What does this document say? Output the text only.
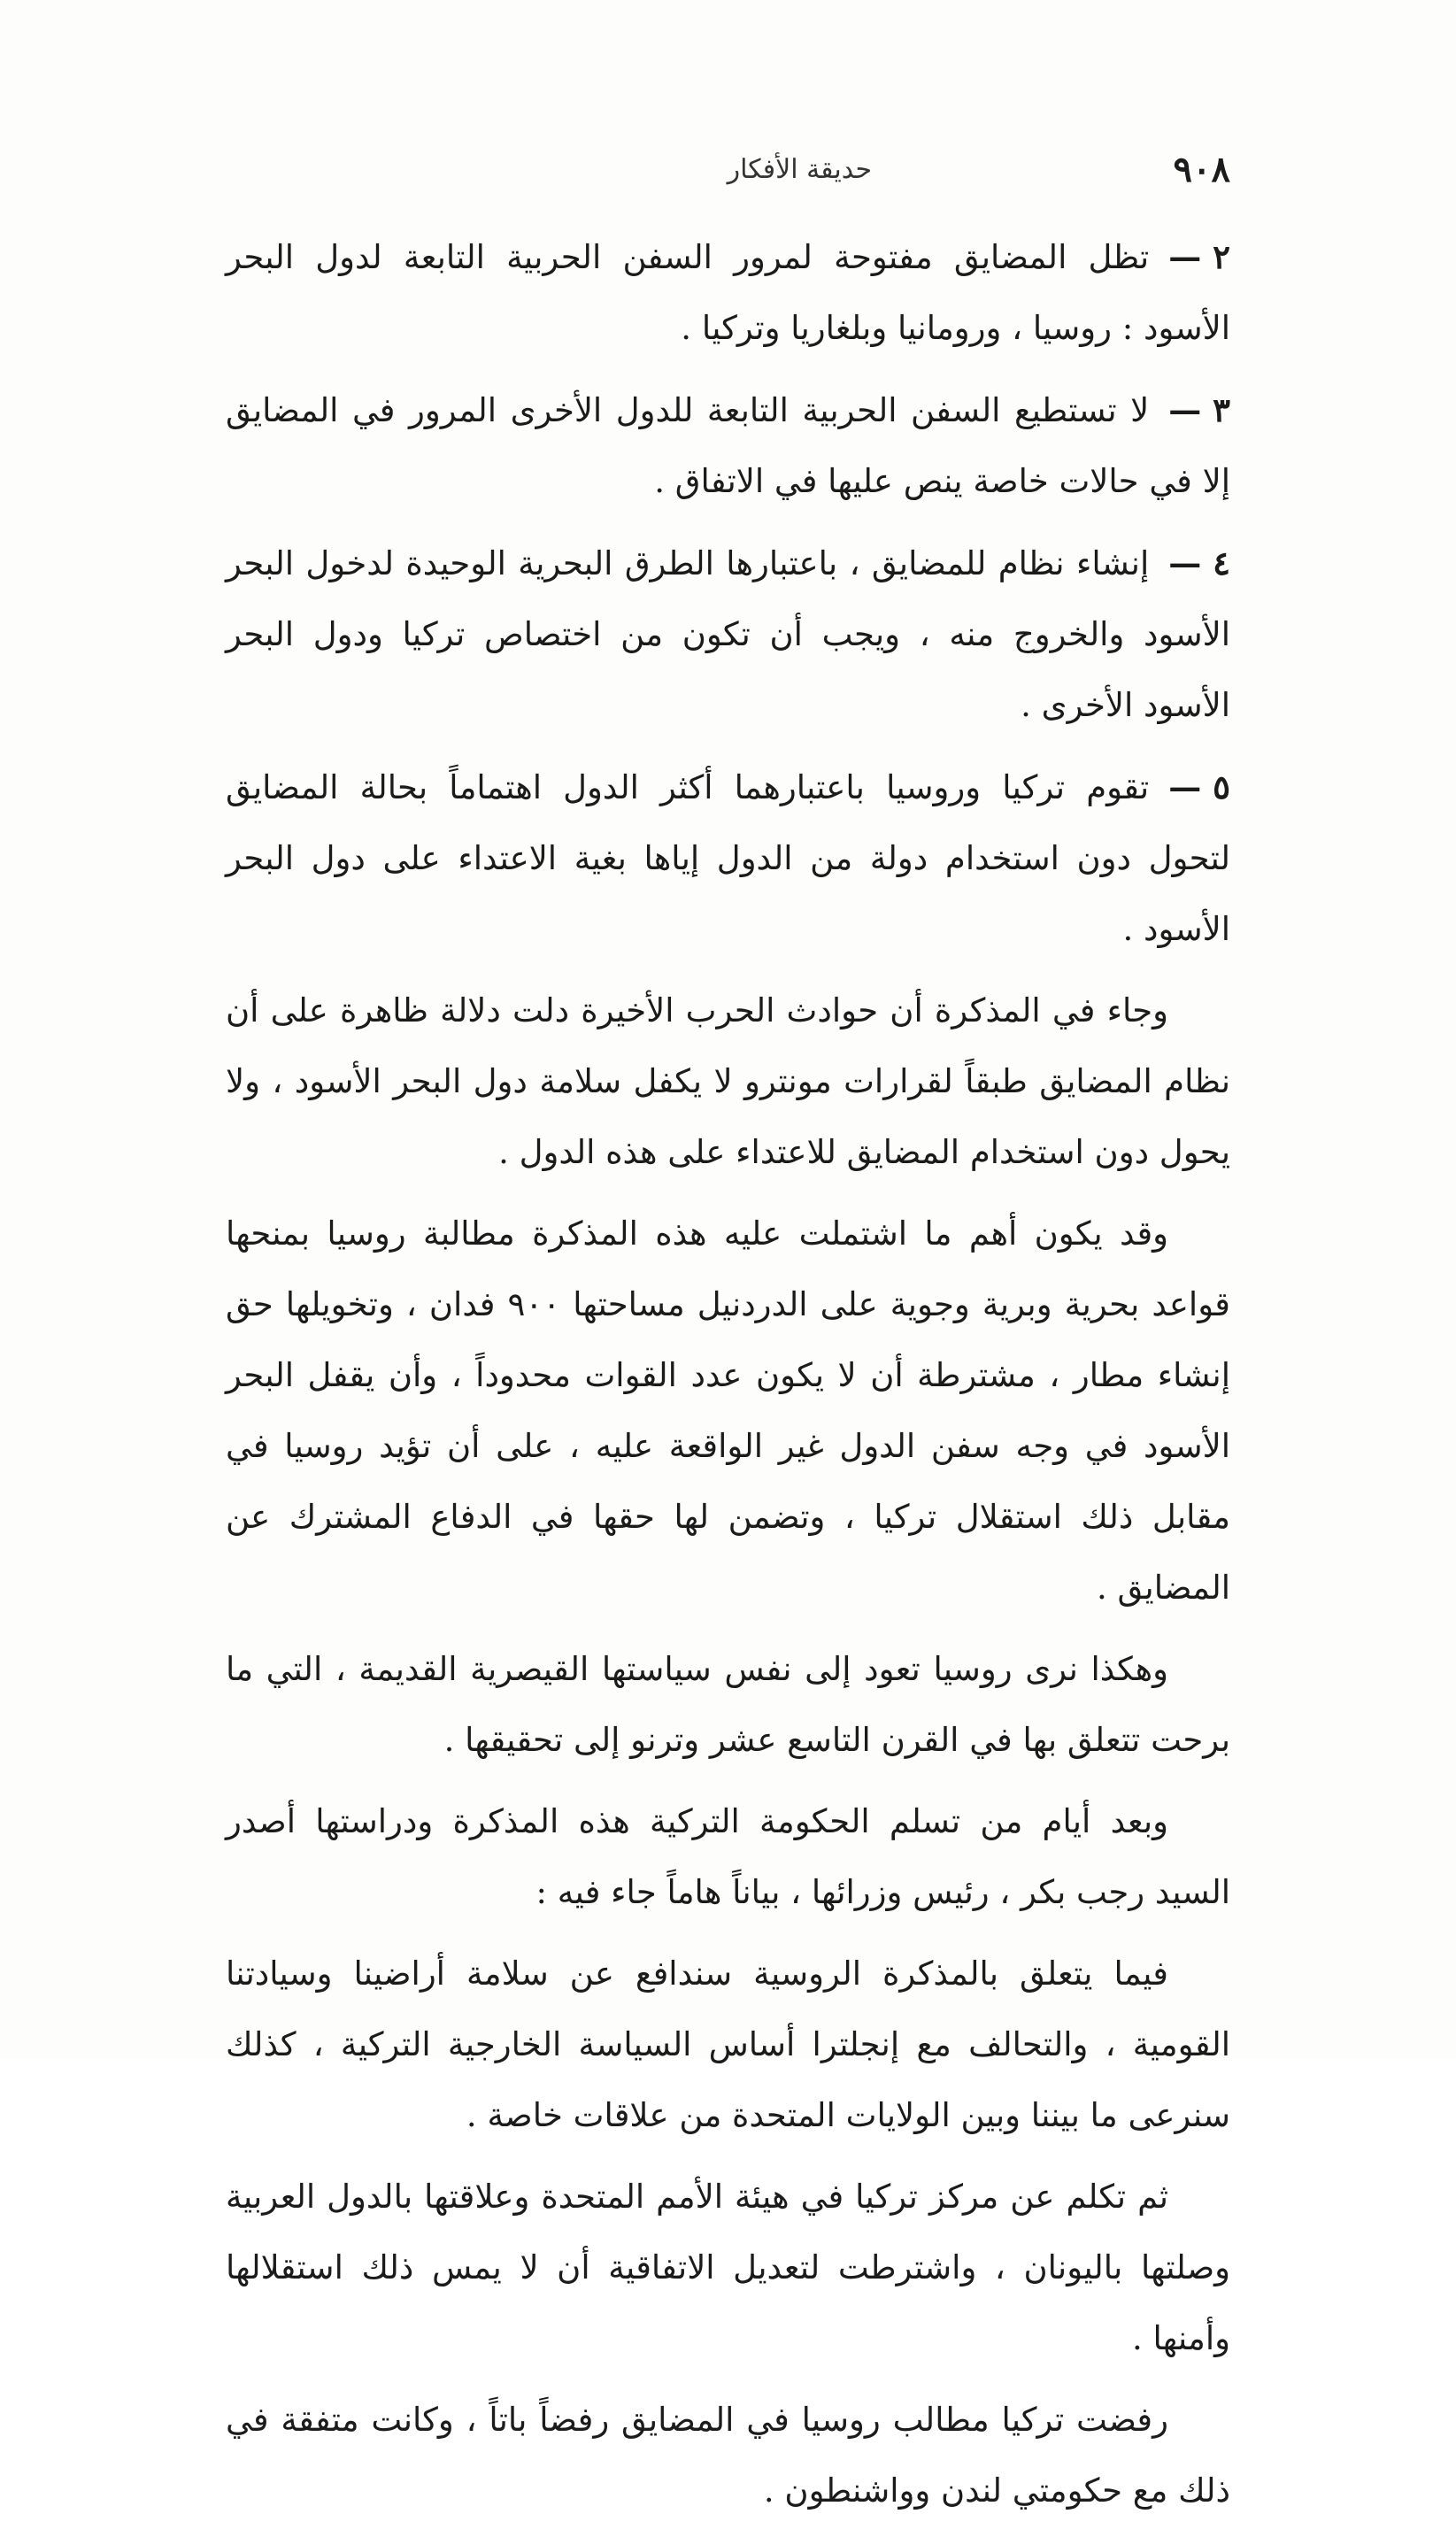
٩٠٨
حديقة الأفكار

٢ —تظل المضايق مفتوحة لمرور السفن الحربية التابعة لدول البحر الأسود : روسيا ، ورومانيا وبلغاريا وتركيا .

٣ —لا تستطيع السفن الحربية التابعة للدول الأخرى المرور في المضايق إلا في حالات خاصة ينص عليها في الاتفاق .

٤ —إنشاء نظام للمضايق ، باعتبارها الطرق البحرية الوحيدة لدخول البحر الأسود والخروج منه ، ويجب أن تكون من اختصاص تركيا ودول البحر الأسود الأخرى .

٥ —تقوم تركيا وروسيا باعتبارهما أكثر الدول اهتماماً بحالة المضايق لتحول دون استخدام دولة من الدول إياها بغية الاعتداء على دول البحر الأسود .

وجاء في المذكرة أن حوادث الحرب الأخيرة دلت دلالة ظاهرة على أن نظام المضايق طبقاً لقرارات مونترو لا يكفل سلامة دول البحر الأسود ، ولا يحول دون استخدام المضايق للاعتداء على هذه الدول .

وقد يكون أهم ما اشتملت عليه هذه المذكرة مطالبة روسيا بمنحها قواعد بحرية وبرية وجوية على الدردنيل مساحتها ٩٠٠ فدان ، وتخويلها حق إنشاء مطار ، مشترطة أن لا يكون عدد القوات محدوداً ، وأن يقفل البحر الأسود في وجه سفن الدول غير الواقعة عليه ، على أن تؤيد روسيا في مقابل ذلك استقلال تركيا ، وتضمن لها حقها في الدفاع المشترك عن المضايق .

وهكذا نرى روسيا تعود إلى نفس سياستها القيصرية القديمة ، التي ما برحت تتعلق بها في القرن التاسع عشر وترنو إلى تحقيقها .

وبعد أيام من تسلم الحكومة التركية هذه المذكرة ودراستها أصدر السيد رجب بكر ، رئيس وزرائها ، بياناً هاماً جاء فيه :

فيما يتعلق بالمذكرة الروسية سندافع عن سلامة أراضينا وسيادتنا القومية ، والتحالف مع إنجلترا أساس السياسة الخارجية التركية ، كذلك سنرعى ما بيننا وبين الولايات المتحدة من علاقات خاصة .

ثم تكلم عن مركز تركيا في هيئة الأمم المتحدة وعلاقتها بالدول العربية وصلتها باليونان ، واشترطت لتعديل الاتفاقية أن لا يمس ذلك استقلالها وأمنها .

رفضت تركيا مطالب روسيا في المضايق رفضاً باتاً ، وكانت متفقة في ذلك مع حكومتي لندن وواشنطون .
